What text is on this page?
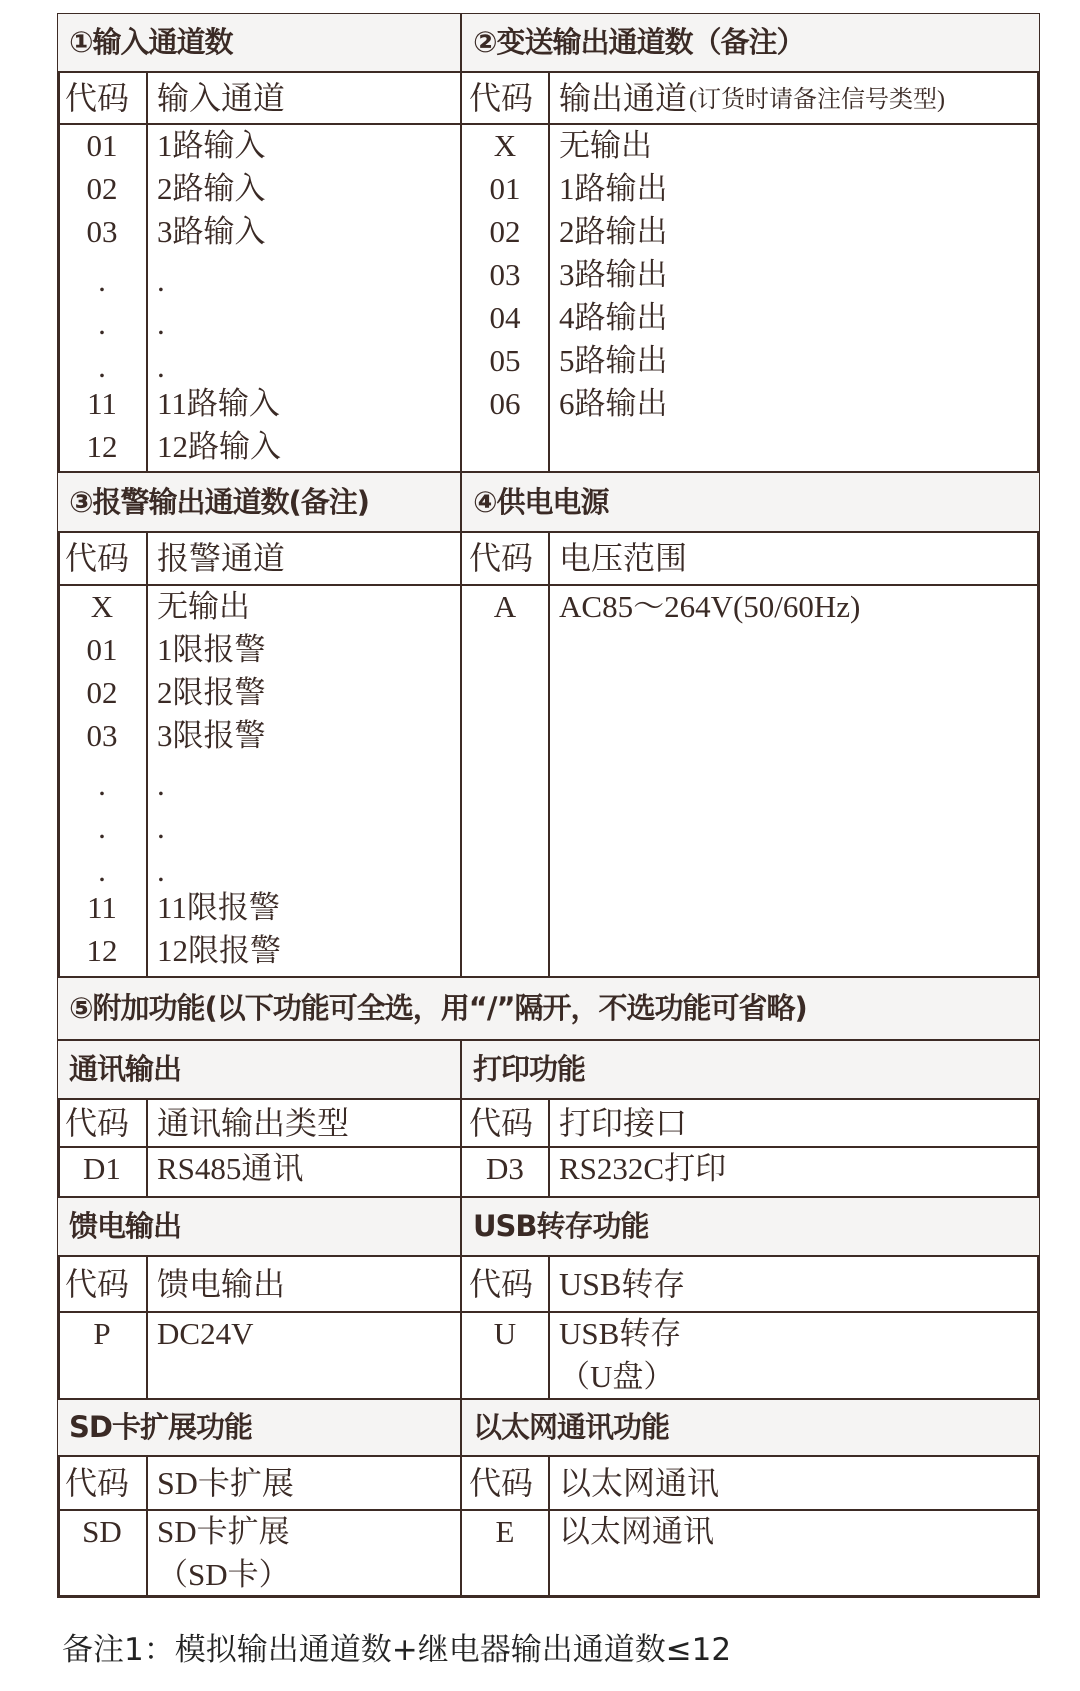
备注1：模拟输出通道数+继电器输出通道数≤12
①输入通道数
代码 输入通道
01	1路输入
02	2路输入
03	3路输入
.	.
.	.
.	.
11	11路输入
12	12路输入
②变送输出通道数（备注）
代码 输出通道 (订货时请备注信号类型)
X	无输出
01	1路输出
02	2路输出
03	3路输出
04	4路输出
05	5路输出
06	6路输出
③报警输出通道数(备注)
代码 报警通道
X	无输出
01	1限报警
02	2限报警
03	3限报警
.	.
.	.
.	.
11	11限报警
12	12限报警
④供电电源
代码 电压范围
A	AC85～264V(50/60Hz)
⑤附加功能(以下功能可全选，用“/”隔开，不选功能可省略)
通讯输出
代码 通讯输出类型
D1	RS485通讯
打印功能
代码 打印接口
D3	RS232C打印
馈电输出
代码 馈电输出
P	DC24V
USB转存功能
代码 USB转存
U	USB转存
（U盘）
SD卡扩展功能
代码 SD卡扩展
SD	SD卡扩展
（SD卡）
以太网通讯功能
代码 以太网通讯
E	以太网通讯
